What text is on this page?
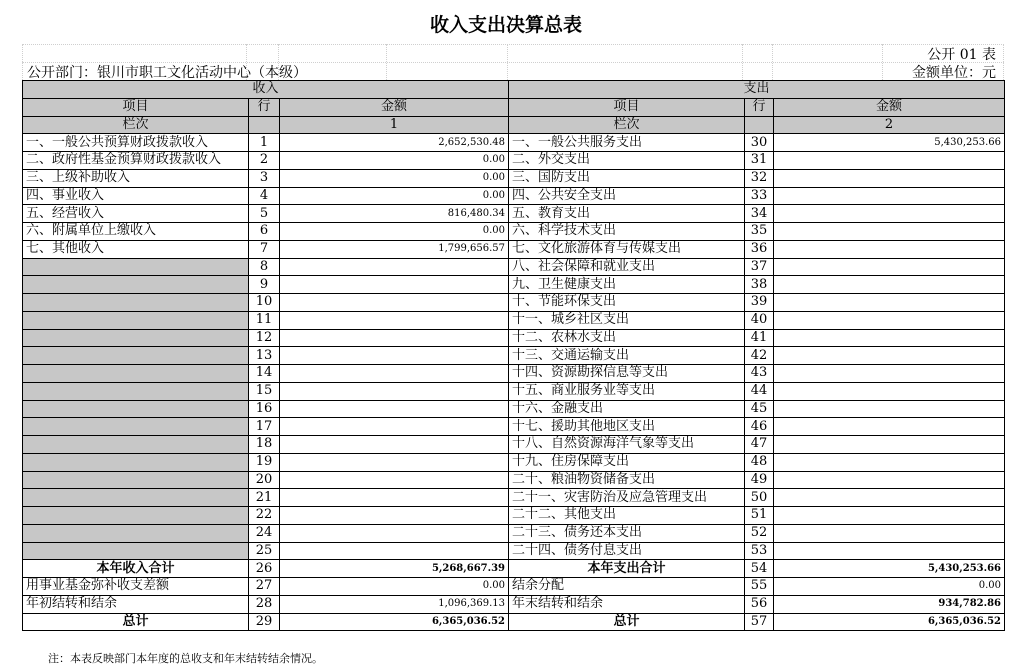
收入支出决算总表
公开 01 表
公开部门：银川市职工文化活动中心（本级）	金额单位：元
收入			支出		
项目	行	金额	项目	行	金额
栏次		1	栏次		2
一、一般公共预算财政拨款收入	1	2,652,530.48	一、一般公共服务支出	30	5,430,253.66
二、政府性基金预算财政拨款收入	2	0.00	二、外交支出	31	
三、上级补助收入	3	0.00	三、国防支出	32	
四、事业收入	4	0.00	四、公共安全支出	33	
五、经营收入	5	816,480.34	五、教育支出	34	
六、附属单位上缴收入	6	0.00	六、科学技术支出	35	
七、其他收入	7	1,799,656.57	七、文化旅游体育与传媒支出	36	
	8		八、社会保障和就业支出	37	
	9		九、卫生健康支出	38	
	10		十、节能环保支出	39	
	11		十一、城乡社区支出	40	
	12		十二、农林水支出	41	
	13		十三、交通运输支出	42	
	14		十四、资源勘探信息等支出	43	
	15		十五、商业服务业等支出	44	
	16		十六、金融支出	45	
	17		十七、援助其他地区支出	46	
	18		十八、自然资源海洋气象等支出	47	
	19		十九、住房保障支出	48	
	20		二十、粮油物资储备支出	49	
	21		二十一、灾害防治及应急管理支出	50	
	22		二十二、其他支出	51	
	24		二十三、债务还本支出	52	
	25		二十四、债务付息支出	53	
本年收入合计	26	5,268,667.39	本年支出合计	54	5,430,253.66
用事业基金弥补收支差额	27	0.00	结余分配	55	0.00
年初结转和结余	28	1,096,369.13	年末结转和结余	56	934,782.86
总计	29	6,365,036.52	总计	57	6,365,036.52
注：本表反映部门本年度的总收支和年末结转结余情况。
